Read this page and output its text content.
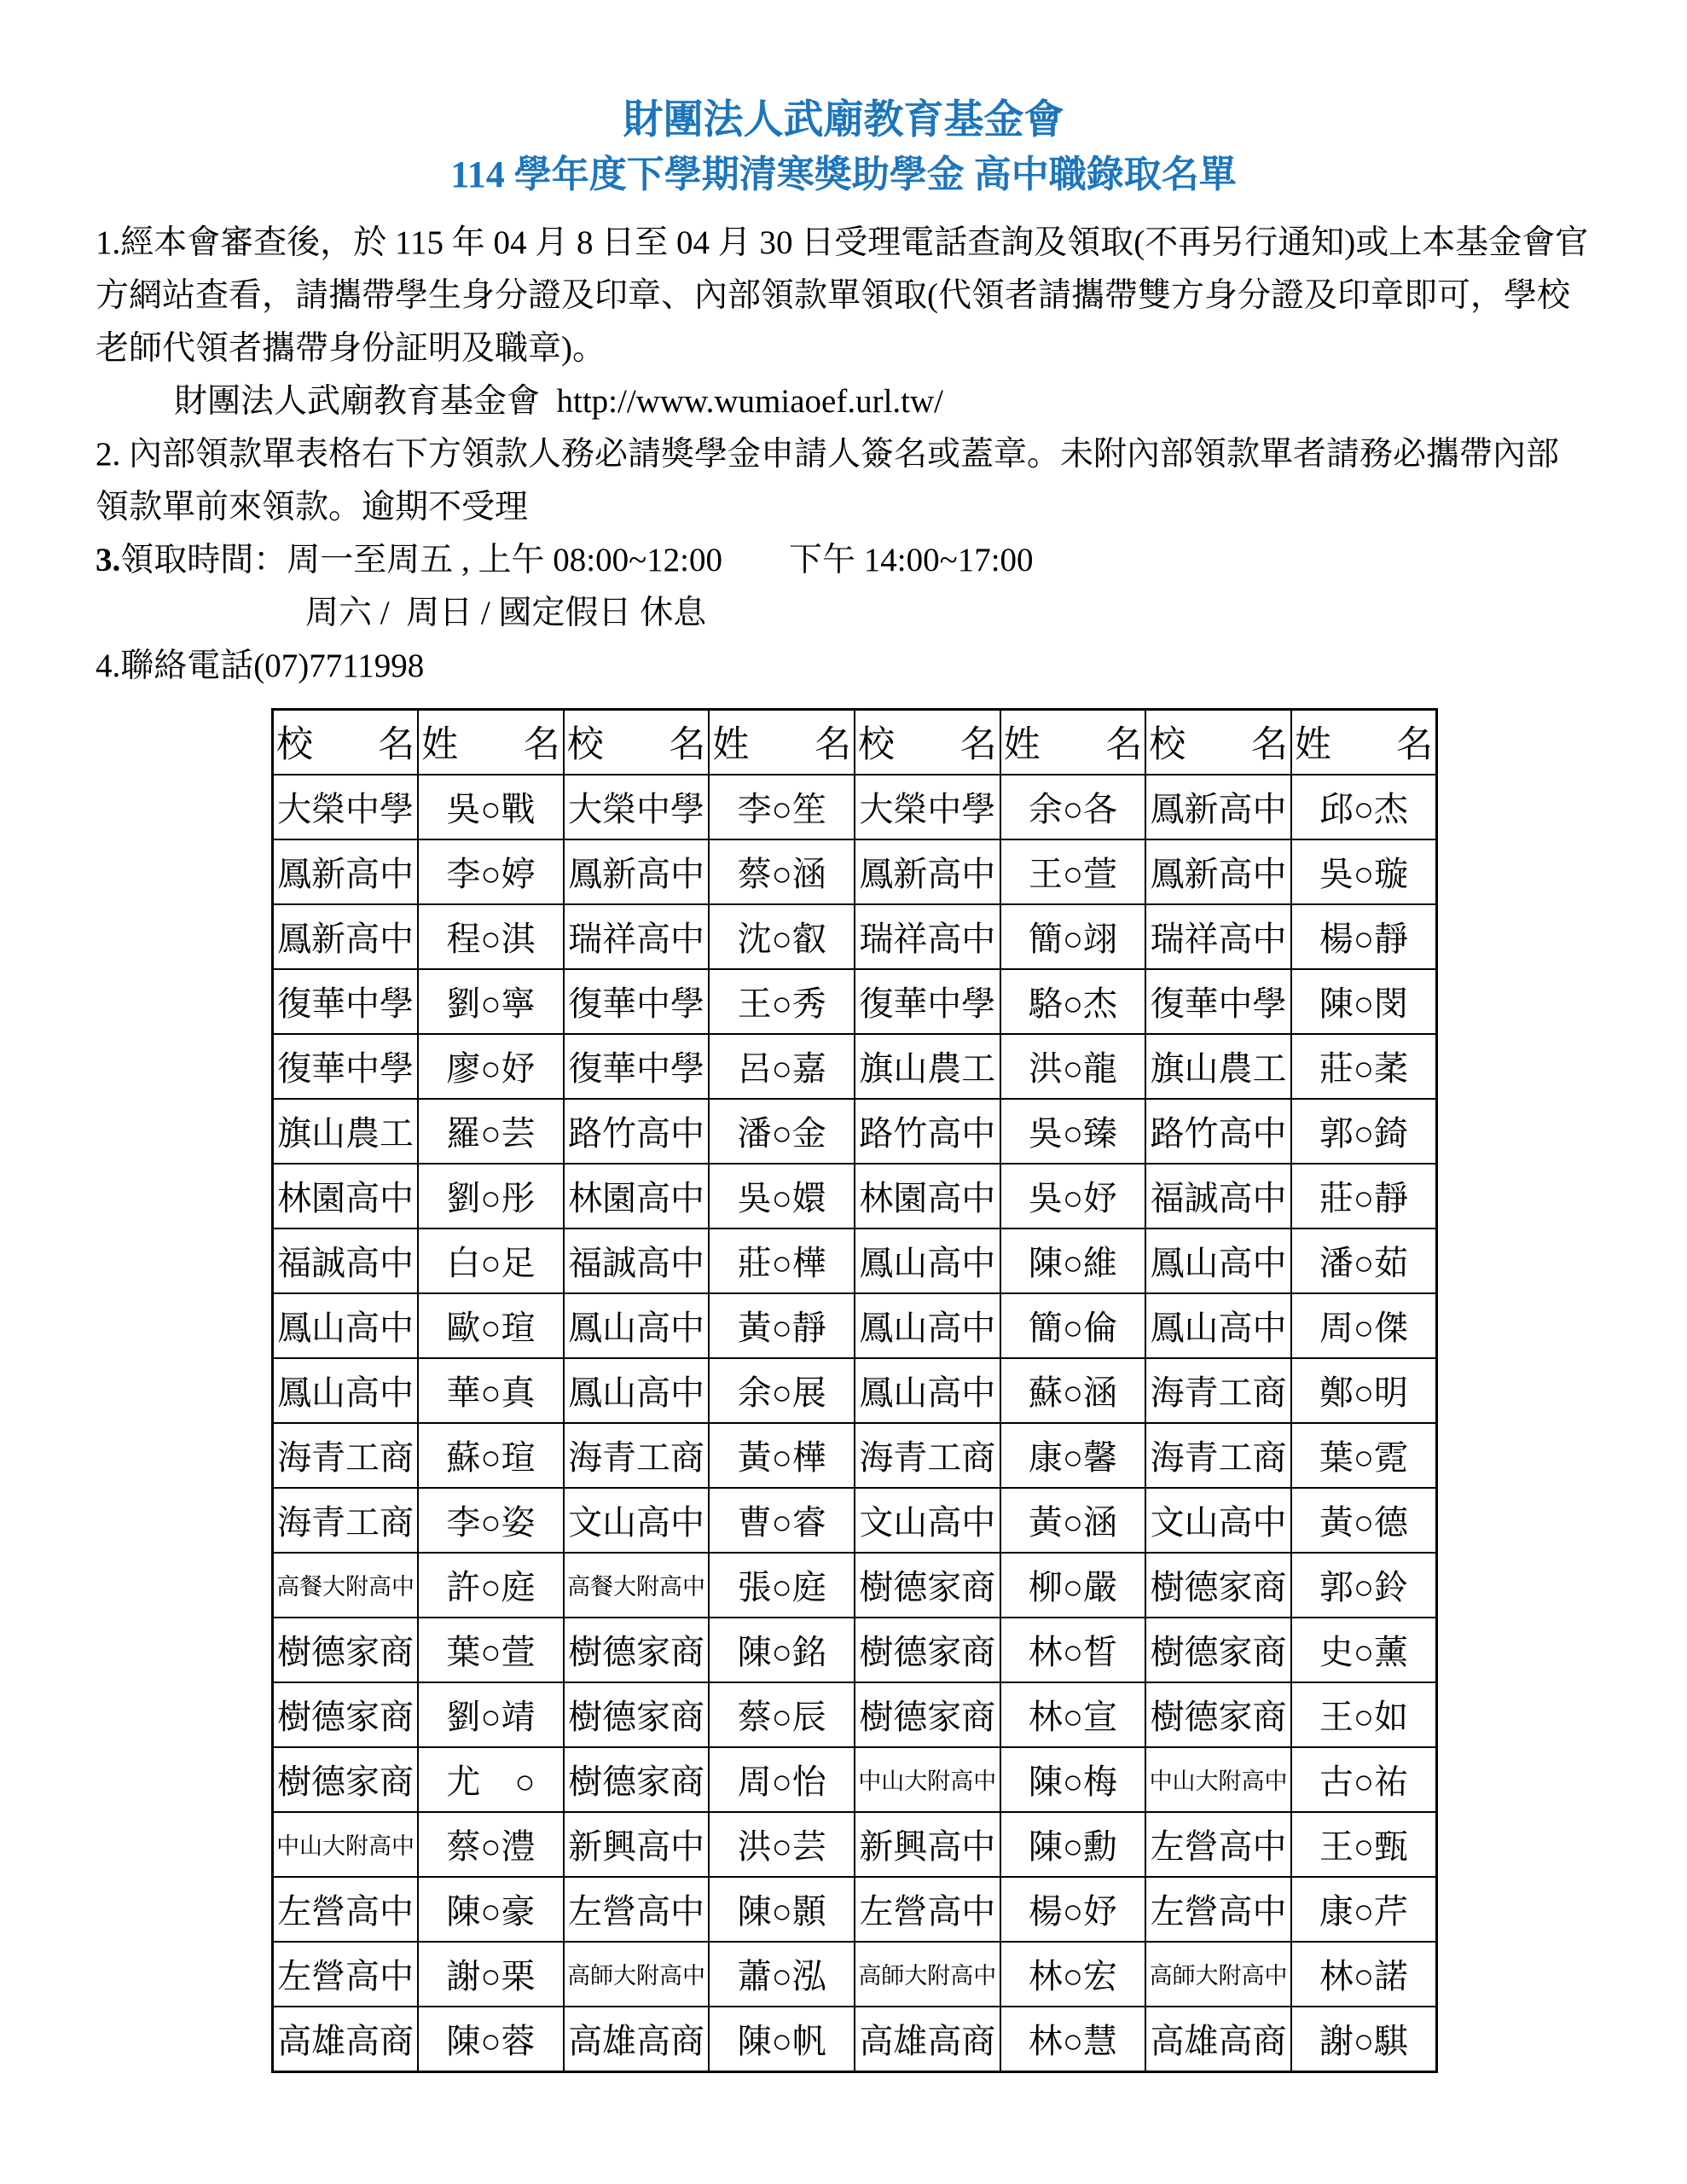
財團法人武廟教育基金會
114 學年度下學期清寒獎助學金 高中職錄取名單
1.經本會審查後，於 115 年 04 月 8 日至 04 月 30 日受理電話查詢及領取(不再另行通知)或上本基金會官
方網站查看，請攜帶學生身分證及印章、內部領款單領取(代領者請攜帶雙方身分證及印章即可，學校
老師代領者攜帶身份証明及職章)。
財團法人武廟教育基金會  http://www.wumiaoef.url.tw/
2. 內部領款單表格右下方領款人務必請獎學金申請人簽名或蓋章。未附內部領款單者請務必攜帶內部
領款單前來領款。逾期不受理
3.領取時間：周一至周五 , 上午 08:00~12:00　　下午 14:00~17:00
周六 /  周日 / 國定假日 休息
4.聯絡電話(07)7711998
校 名	姓 名	校 名	姓 名	校 名	姓 名	校 名	姓 名

大榮中學	吳○戰	大榮中學	李○笙	大榮中學	余○各	鳳新高中	邱○杰
鳳新高中	李○婷	鳳新高中	蔡○涵	鳳新高中	王○萱	鳳新高中	吳○璇
鳳新高中	程○淇	瑞祥高中	沈○叡	瑞祥高中	簡○翊	瑞祥高中	楊○靜
復華中學	劉○寧	復華中學	王○秀	復華中學	駱○杰	復華中學	陳○閔
復華中學	廖○妤	復華中學	呂○嘉	旗山農工	洪○龍	旗山農工	莊○葇
旗山農工	羅○芸	路竹高中	潘○金	路竹高中	吳○臻	路竹高中	郭○錡
林園高中	劉○彤	林園高中	吳○嬛	林園高中	吳○妤	福誠高中	莊○靜
福誠高中	白○足	福誠高中	莊○樺	鳳山高中	陳○維	鳳山高中	潘○茹
鳳山高中	歐○瑄	鳳山高中	黃○靜	鳳山高中	簡○倫	鳳山高中	周○傑
鳳山高中	華○真	鳳山高中	余○展	鳳山高中	蘇○涵	海青工商	鄭○明
海青工商	蘇○瑄	海青工商	黃○樺	海青工商	康○馨	海青工商	葉○霓
海青工商	李○姿	文山高中	曹○睿	文山高中	黃○涵	文山高中	黃○德
高餐大附高中	許○庭	高餐大附高中	張○庭	樹德家商	柳○嚴	樹德家商	郭○鈴
樹德家商	葉○萱	樹德家商	陳○銘	樹德家商	林○晳	樹德家商	史○薰
樹德家商	劉○靖	樹德家商	蔡○辰	樹德家商	林○宣	樹德家商	王○如
樹德家商	尤　○	樹德家商	周○怡	中山大附高中	陳○梅	中山大附高中	古○祐
中山大附高中	蔡○澧	新興高中	洪○芸	新興高中	陳○勳	左營高中	王○甄
左營高中	陳○豪	左營高中	陳○顥	左營高中	楊○妤	左營高中	康○芹
左營高中	謝○栗	高師大附高中	蕭○泓	高師大附高中	林○宏	高師大附高中	林○諾
高雄高商	陳○蓉	高雄高商	陳○帆	高雄高商	林○慧	高雄高商	謝○騏
